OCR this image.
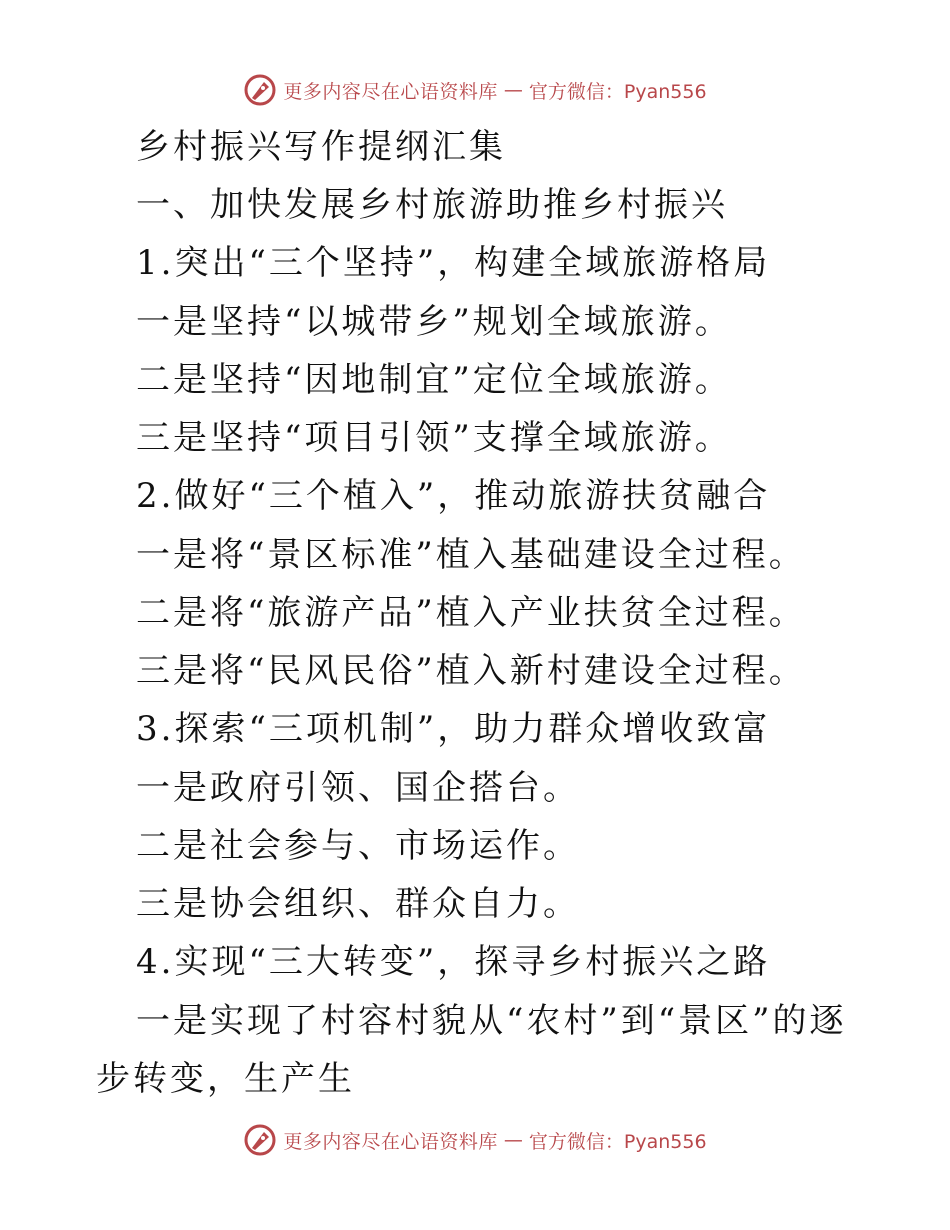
更多内容尽在心语资料库 — 官方微信：Pyan556
乡村振兴写作提纲汇集
一、加快发展乡村旅游助推乡村振兴
1.突出“三个坚持”，构建全域旅游格局
一是坚持“以城带乡”规划全域旅游。
二是坚持“因地制宜”定位全域旅游。
三是坚持“项目引领”支撑全域旅游。
2.做好“三个植入”，推动旅游扶贫融合
一是将“景区标准”植入基础建设全过程。
二是将“旅游产品”植入产业扶贫全过程。
三是将“民风民俗”植入新村建设全过程。
3.探索“三项机制”，助力群众增收致富
一是政府引领、国企搭台。
二是社会参与、市场运作。
三是协会组织、群众自力。
4.实现“三大转变”，探寻乡村振兴之路
一是实现了村容村貌从“农村”到“景区”的逐
步转变，生产生
更多内容尽在心语资料库 — 官方微信：Pyan556
